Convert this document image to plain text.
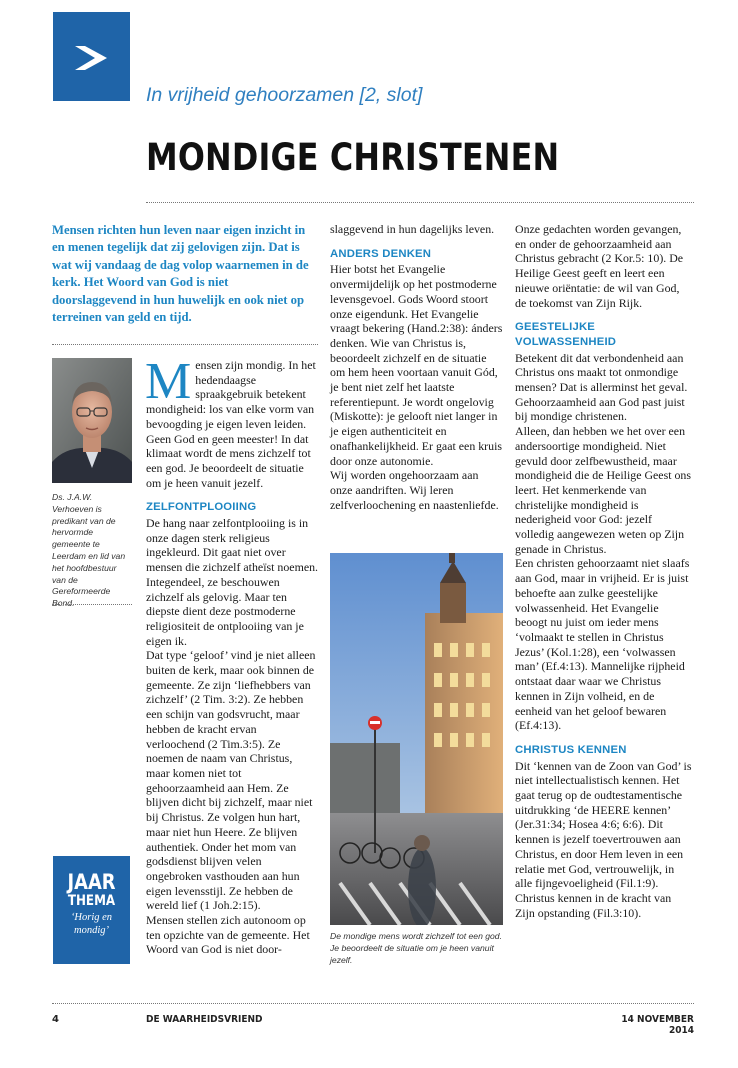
In vrijheid gehoorzamen [2, slot]
MONDIGE CHRISTENEN
Mensen richten hun leven naar eigen inzicht in en menen tegelijk dat zij gelovigen zijn. Dat is wat wij vandaag de dag volop waarnemen in de kerk. Het Woord van God is niet doorslaggevend in hun huwelijk en ook niet op terreinen van geld en tijd.
Ds. J.A.W. Verhoeven is predikant van de hervormde gemeente te Leerdam en lid van het hoofdbestuur van de Gereformeerde Bond.

Mensen zijn mondig. In het hedendaagse spraakgebruik betekent mondigheid: los van elke vorm van bevoogding je eigen leven leiden. Geen God en geen meester! In dat klimaat wordt de mens zichzelf tot een god. Je beoordeelt de situatie om je heen vanuit jezelf.

ZELFONTPLOOIING

De hang naar zelfontplooiing is in onze dagen sterk religieus ingekleurd. Dit gaat niet over mensen die zichzelf atheïst noemen. Integendeel, ze beschouwen zichzelf als gelovig. Maar ten diepste dient deze postmoderne religiositeit de ontplooiing van je eigen ik.

Dat type ‘geloof’ vind je niet alleen buiten de kerk, maar ook binnen de gemeente. Ze zijn ‘liefhebbers van zichzelf’ (2 Tim. 3:2). Ze hebben een schijn van godsvrucht, maar hebben de kracht ervan verloochend (2 Tim.3:5). Ze noemen de naam van Christus, maar komen niet tot gehoorzaamheid aan Hem. Ze blijven dicht bij zichzelf, maar niet bij Christus. Ze volgen hun hart, maar niet hun Heere. Ze blijven authentiek. Onder het mom van godsdienst blijven velen ongebroken vasthouden aan hun eigen levensstijl. Ze hebben de wereld lief (1 Joh.2:15).

Mensen stellen zich autonoom op ten opzichte van de gemeente. Het Woord van God is niet door-

slaggevend in hun dagelijks leven.

ANDERS DENKEN

Hier botst het Evangelie onvermijdelijk op het postmoderne levensgevoel. Gods Woord stoort onze eigendunk. Het Evangelie vraagt bekering (Hand.2:38): ánders denken. Wie van Christus is, beoordeelt zichzelf en de situatie om hem heen voortaan vanuit Gód, je bent niet zelf het laatste referentiepunt. Je wordt ongelovig (Miskotte): je gelooft niet langer in je eigen authenticiteit en onafhankelijkheid. Er gaat een kruis door onze autonomie.

Wij worden ongehoorzaam aan onze aandriften. Wij leren zelfverloochening en naastenliefde.

De mondige mens wordt zichzelf tot een god. Je beoordeelt de situatie om je heen vanuit jezelf.

Onze gedachten worden gevangen, en onder de gehoorzaamheid aan Christus gebracht (2 Kor.5: 10). De Heilige Geest geeft en leert een nieuwe oriëntatie: de wil van God, de toekomst van Zijn Rijk.

GEESTELIJKE VOLWASSENHEID

Betekent dit dat verbondenheid aan Christus ons maakt tot onmondige mensen? Dat is allerminst het geval. Gehoorzaamheid aan God past juist bij mondige christenen.

Alleen, dan hebben we het over een andersoortige mondigheid. Niet gevuld door zelfbewustheid, maar mondigheid die de Heilige Geest ons leert. Het kenmerkende van christelijke mondigheid is nederigheid voor God: jezelf volledig aangewezen weten op Zijn genade in Christus.

Een christen gehoorzaamt niet slaafs aan God, maar in vrijheid. Er is juist behoefte aan zulke geestelijke volwassenheid. Het Evangelie beoogt nu juist om ieder mens ‘volmaakt te stellen in Christus Jezus’ (Kol.1:28), een ‘volwassen man’ (Ef.4:13). Mannelijke rijpheid ontstaat daar waar we Christus kennen in Zijn volheid, en de eenheid van het geloof bewaren (Ef.4:13).

CHRISTUS KENNEN

Dit ‘kennen van de Zoon van God’ is niet intellectualistisch kennen. Het gaat terug op de oudtestamentische uitdrukking ‘de HEERE kennen’ (Jer.31:34; Hosea 4:6; 6:6). Dit kennen is jezelf toevertrouwen aan Christus, en door Hem leven in een relatie met God, vertrouwelijk, in alle fijngevoeligheid (Fil.1:9). Christus kennen in de kracht van Zijn opstanding (Fil.3:10).

JAAR
THEMA
‘Horig en
mondig’
4	DE WAARHEIDSVRIEND	14 NOVEMBER 2014
